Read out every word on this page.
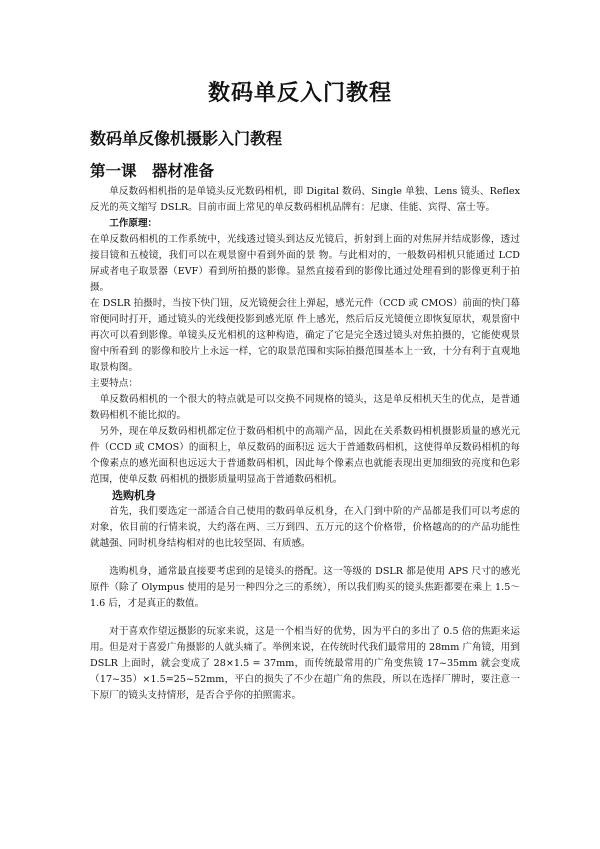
数码单反入门教程
数码单反像机摄影入门教程
第一课　器材准备

单反数码相机指的是单镜头反光数码相机，即 Digital 数码、Single 单独、Lens 镜头、Reflex 反光的英文缩写 DSLR。目前市面上常见的单反数码相机品牌有：尼康、佳能、宾得、富士等。

工作原理：

在单反数码相机的工作系统中，光线透过镜头到达反光镜后，折射到上面的对焦屏并结成影像，透过接目镜和五棱镜，我们可以在观景窗中看到外面的景 物。与此相对的，一般数码相机只能通过 LCD 屏或者电子取景器（EVF）看到所拍摄的影像。显然直接看到的影像比通过处理看到的影像更利于拍摄。

在 DSLR 拍摄时，当按下快门钮，反光镜便会往上弹起，感光元件（CCD 或 CMOS）前面的快门幕帘便同时打开，通过镜头的光线便投影到感光原 件上感光，然后后反光镜便立即恢复原状，观景窗中再次可以看到影像。单镜头反光相机的这种构造，确定了它是完全透过镜头对焦拍摄的，它能使观景窗中所看到 的影像和胶片上永远一样，它的取景范围和实际拍摄范围基本上一致，十分有利于直观地取景构图。

主要特点：

单反数码相机的一个很大的特点就是可以交换不同规格的镜头，这是单反相机天生的优点，是普通数码相机不能比拟的。

另外，现在单反数码相机都定位于数码相机中的高端产品，因此在关系数码相机摄影质量的感光元件（CCD 或 CMOS）的面积上，单反数码的面积远 远大于普通数码相机，这使得单反数码相机的每个像素点的感光面积也远远大于普通数码相机，因此每个像素点也就能表现出更加细致的亮度和色彩范围，使单反数 码相机的摄影质量明显高于普通数码相机。

选购机身

首先，我们要选定一部适合自己使用的数码单反机身，在入门到中阶的产品都是我们可以考虑的对象，依目前的行情来说，大约落在两、三万到四、五万元的这个价格带，价格越高的的产品功能性就越强、同时机身结构相对的也比较坚固、有质感。

选购机身，通常最直接要考虑到的是镜头的搭配。这一等级的 DSLR 都是使用 APS 尺寸的感光原件（除了 Olympus 使用的是另一种四分之三的系统），所以我们购买的镜头焦距都要在乘上 1.5～1.6 后，才是真正的数值。

对于喜欢作望远摄影的玩家来说，这是一个相当好的优势，因为平白的多出了 0.5 倍的焦距来运用。但是对于喜爱广角摄影的人就头痛了。举例来说，在传统时代我们最常用的 28mm 广角镜，用到 DSLR 上面时，就会变成了 28×1.5 = 37mm，而传统最常用的广角变焦镜 17~35mm 就会变成（17~35）×1.5=25~52mm，平白的损失了不少在超广角的焦段，所以在选择厂牌时，要注意一下原厂的镜头支持情形，是否合乎你的拍照需求。
